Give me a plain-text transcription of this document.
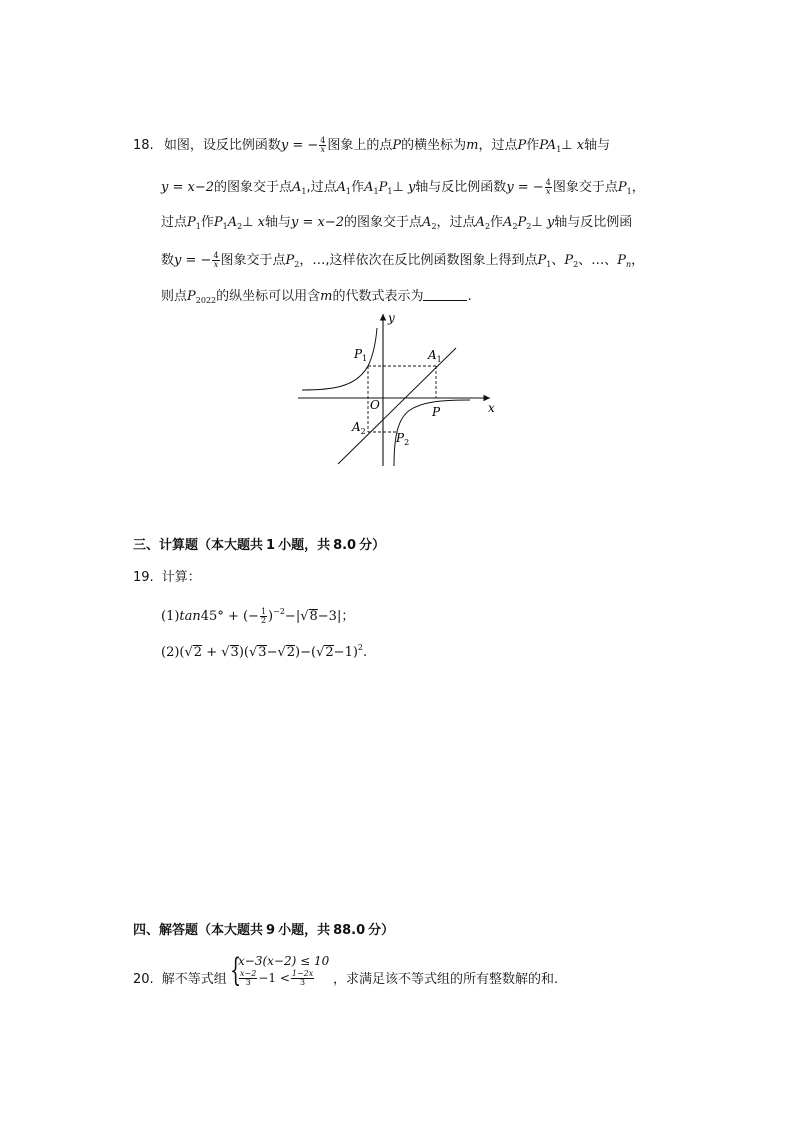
18. 如图，设反比例函数y = − $\frac{4}{x}$ 图象上的点P的横坐标为m，过点P作$PA_1\perp$ x轴与
y = x−2的图象交于点$A_1$,过点$A_1$作$A_1P_1\perp$ y轴与反比例函数y = − $\frac{4}{x}$ 图象交于点$P_1$，
过点$P_1$作$P_1A_2\perp$ x轴与y = x−2的图象交于点$A_2$，过点$A_2$作$A_2P_2\perp$ y轴与反比例函
数y = − $\frac{4}{x}$ 图象交于点$P_2$，…,这样依次在反比例函数图象上得到点$P_1$、$P_2$、…、$P_n$，
则点$P_{2022}$的纵坐标可以用含m的代数式表示为	.
y
x
O
$P_1$	$A_1$
P
$A_2$	$P_2$
三、计算题（本大题共 1 小题，共 8.0 分）
19. 计算：
(1)tan45° + (− $\frac{1}{2} )^{-2}-|√8-3|$；
$(2)(√2 + √3)(√3-√2)-(√2-1)^2$.
四、解答题（本大题共 9 小题，共 88.0 分）
20. 解不等式组 {
x−3(x−2) ≤ 10
$\frac{x-2}{3} -1 < \frac{1-2x}{3}$ ，求满足该不等式组的所有整数解的和.
